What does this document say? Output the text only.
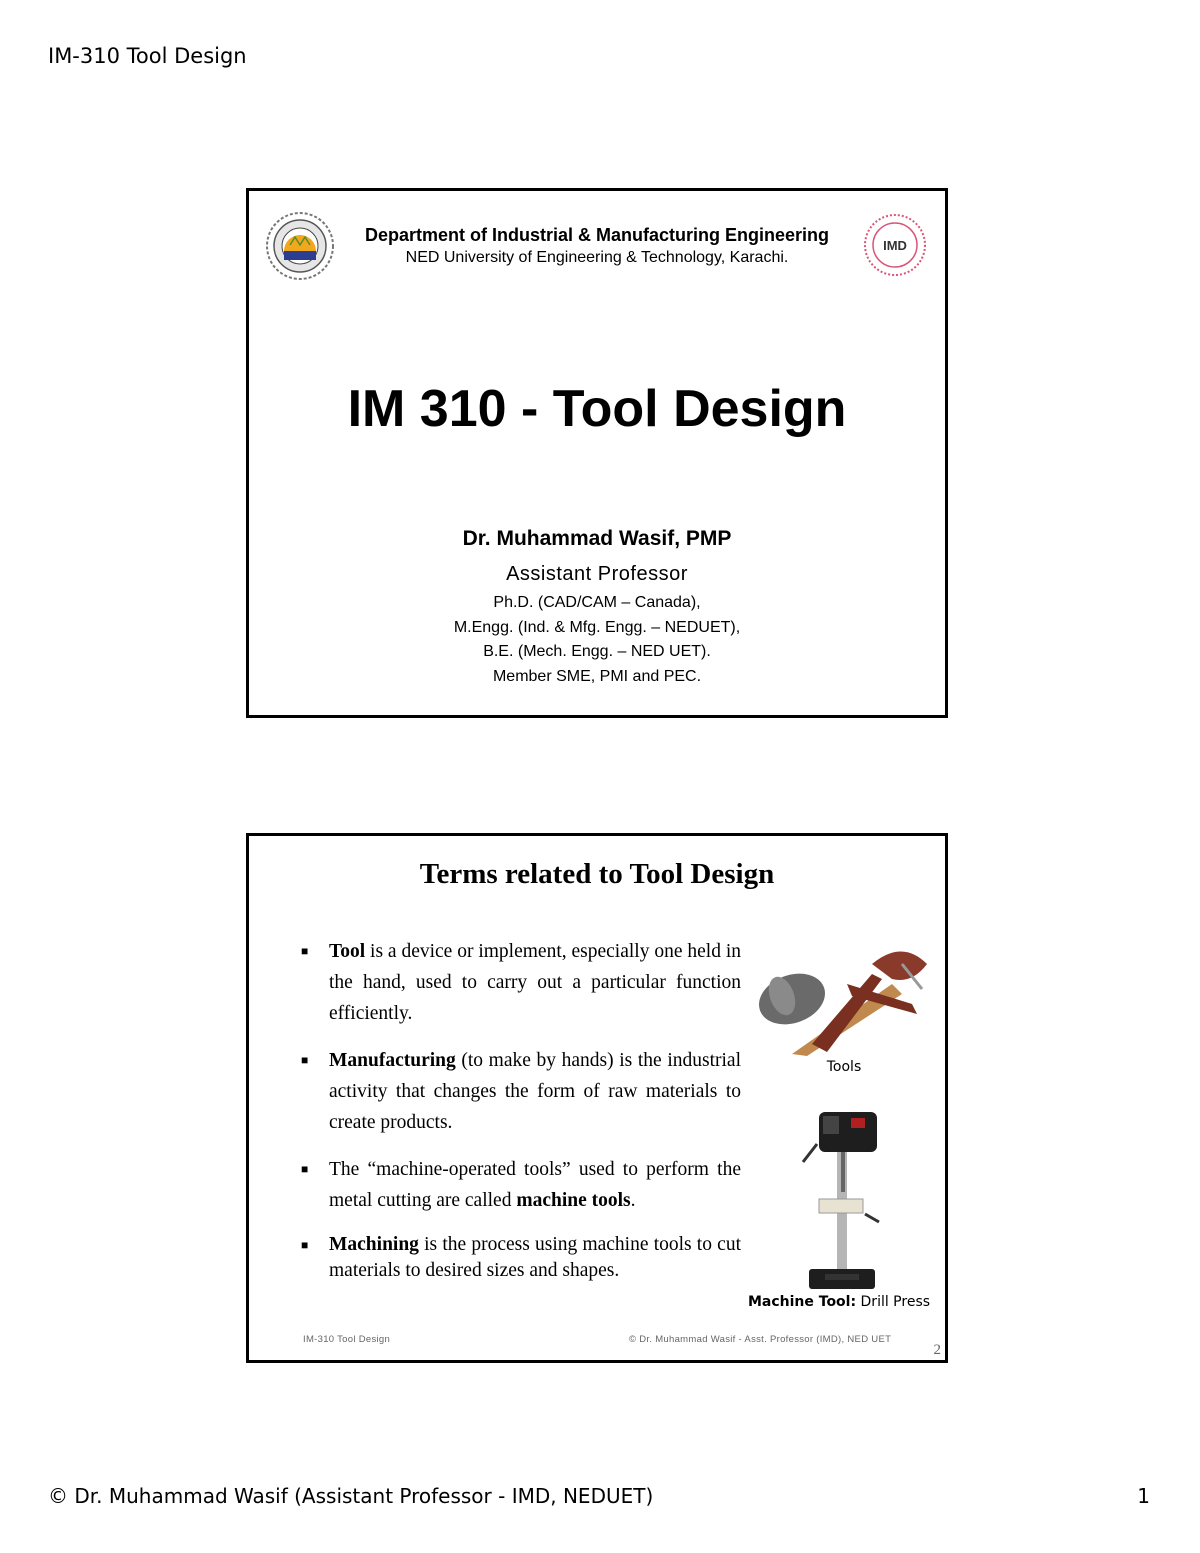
IM-310 Tool Design
Department of Industrial & Manufacturing Engineering
NED University of Engineering & Technology, Karachi.
IMD
IM 310 - Tool Design
Dr. Muhammad Wasif, PMP
Assistant Professor
Ph.D. (CAD/CAM – Canada),
M.Engg. (Ind. & Mfg. Engg. – NEDUET),
B.E. (Mech. Engg. – NED UET).
Member SME, PMI and PEC.
Terms related to Tool Design
■ Tool is a device or implement, especially one held in the hand, used to carry out a particular function efficiently.
■ Manufacturing (to make by hands) is the industrial activity that changes the form of raw materials to create products.
■ The “machine-operated tools” used to perform the metal cutting are called machine tools.
■ Machining is the process using machine tools to cut materials to desired sizes and shapes.
Tools
Machine Tool: Drill Press
IM-310 Tool Design	© Dr. Muhammad Wasif - Asst. Professor (IMD), NED UET
2
© Dr. Muhammad Wasif (Assistant Professor - IMD, NEDUET)	1
